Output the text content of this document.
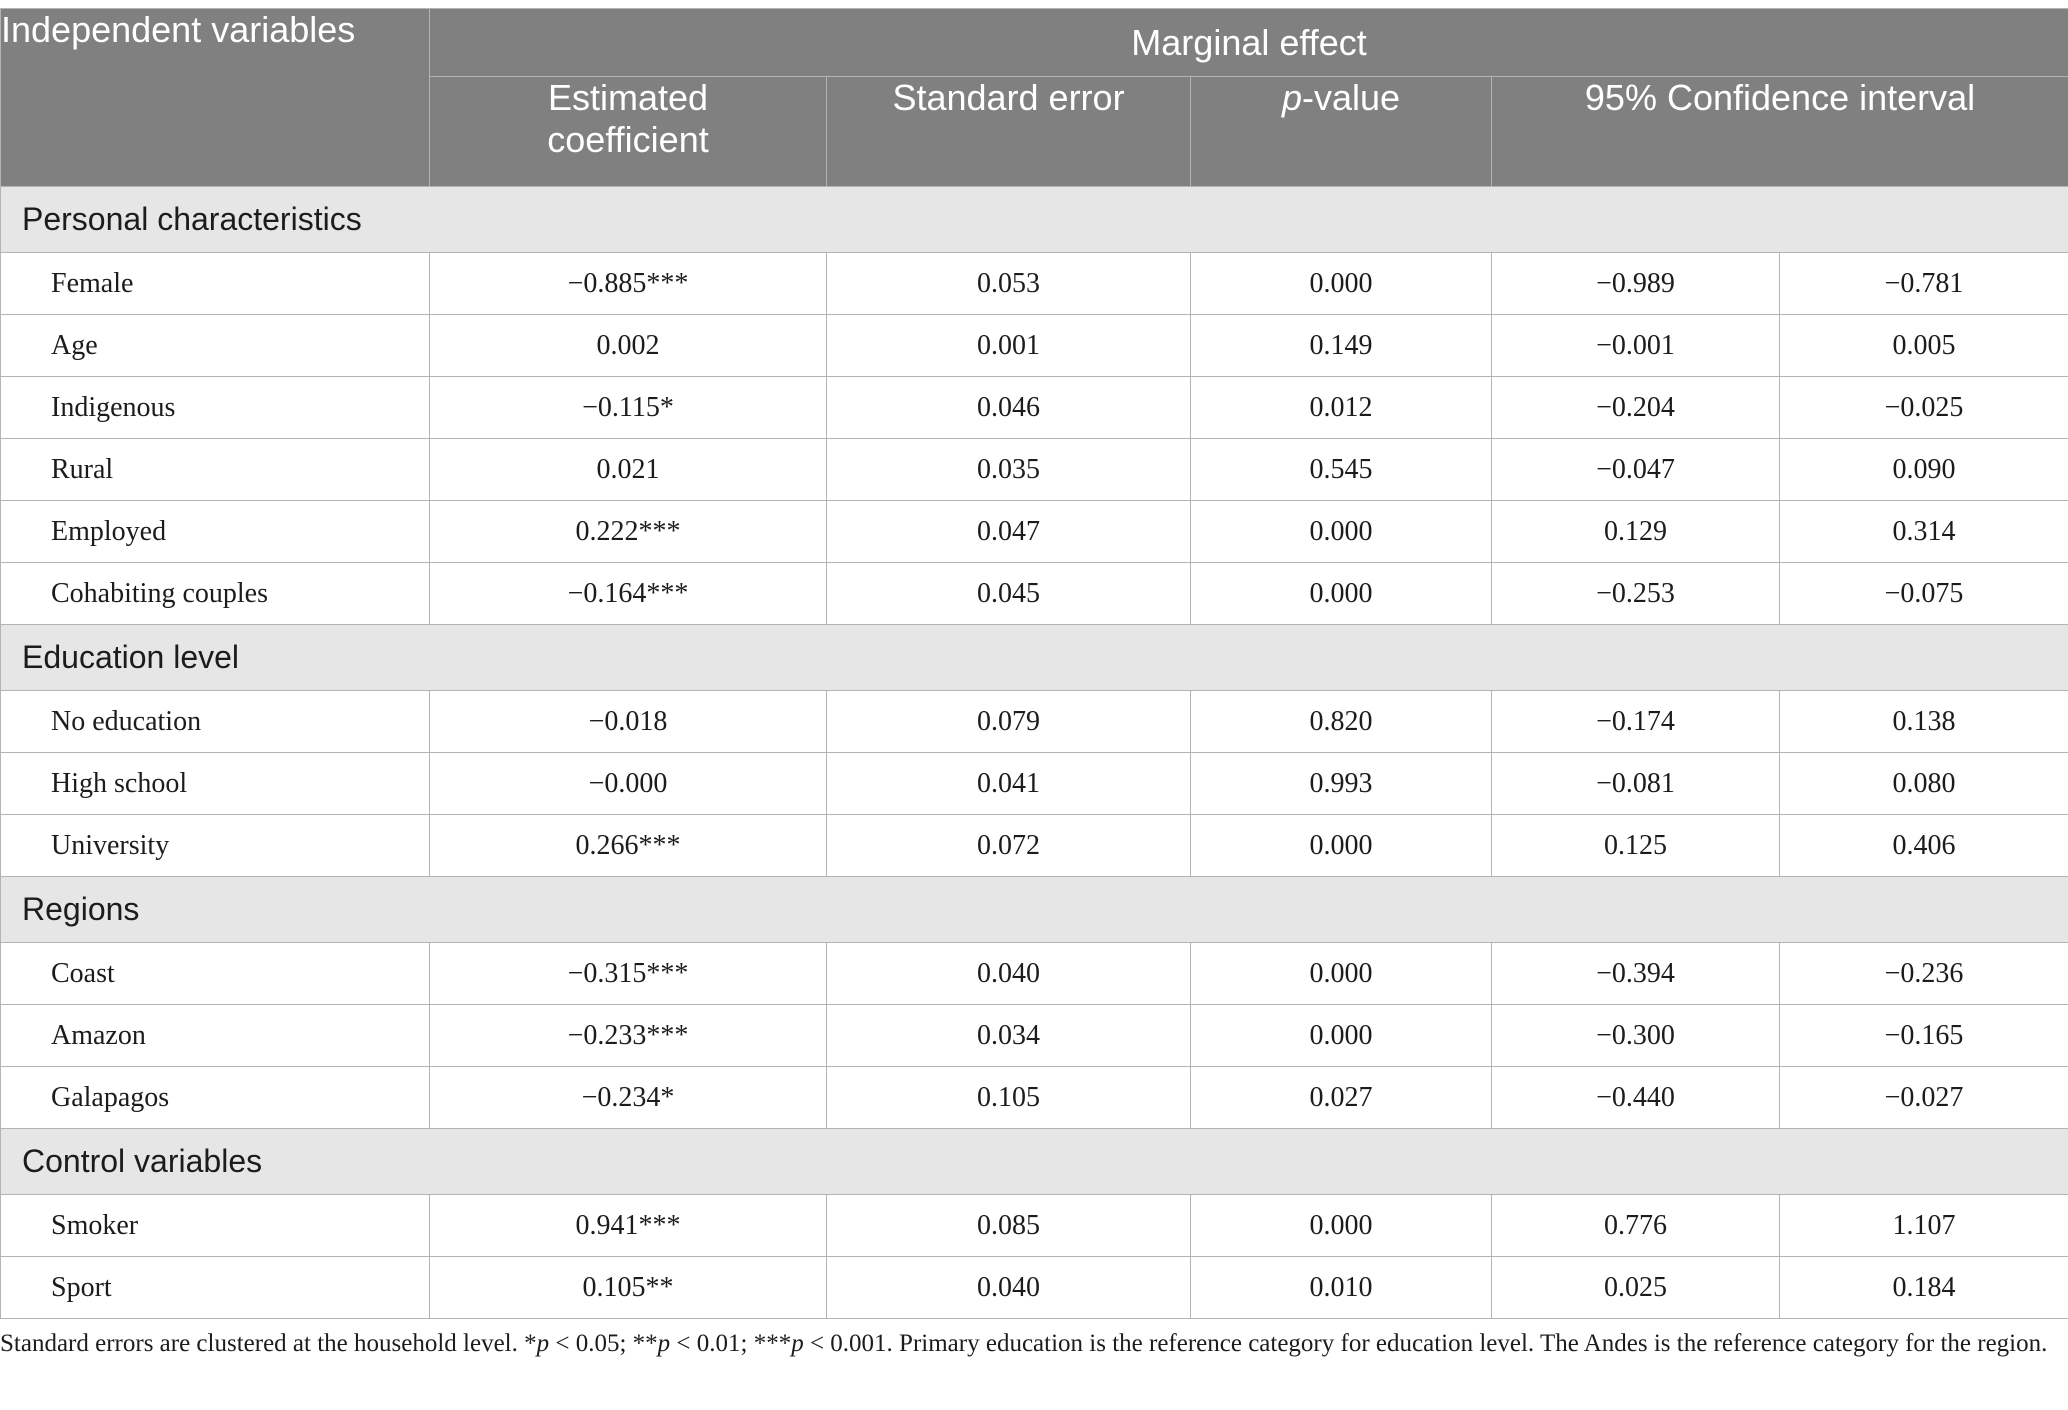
Independent variables	Marginal effect				
	Estimated coefficient	Standard error	p-value	95% Confidence interval	
Personal characteristics					
Female	−0.885***	0.053	0.000	−0.989	−0.781
Age	0.002	0.001	0.149	−0.001	0.005
Indigenous	−0.115*	0.046	0.012	−0.204	−0.025
Rural	0.021	0.035	0.545	−0.047	0.090
Employed	0.222***	0.047	0.000	0.129	0.314
Cohabiting couples	−0.164***	0.045	0.000	−0.253	−0.075
Education level					
No education	−0.018	0.079	0.820	−0.174	0.138
High school	−0.000	0.041	0.993	−0.081	0.080
University	0.266***	0.072	0.000	0.125	0.406
Regions					
Coast	−0.315***	0.040	0.000	−0.394	−0.236
Amazon	−0.233***	0.034	0.000	−0.300	−0.165
Galapagos	−0.234*	0.105	0.027	−0.440	−0.027
Control variables					
Smoker	0.941***	0.085	0.000	0.776	1.107
Sport	0.105**	0.040	0.010	0.025	0.184
Standard errors are clustered at the household level. *p < 0.05; **p < 0.01; ***p < 0.001. Primary education is the reference category for education level. The Andes is the reference category for the region.
